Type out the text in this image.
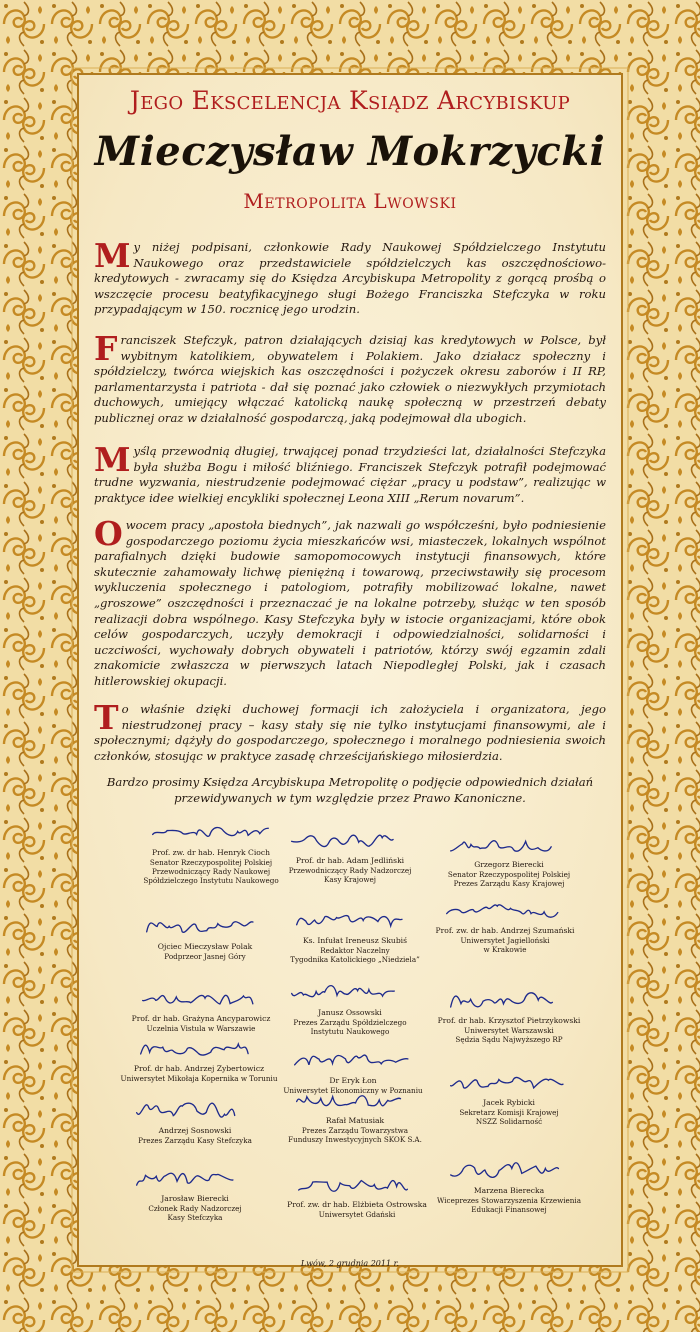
Jego Ekscelencja Ksiądz Arcybiskup
Mieczysław Mokrzycki
Metropolita Lwowski

My niżej podpisani, członkowie Rady Naukowej Spółdzielczego Instytutu Naukowego oraz przedstawiciele spółdzielczych kas oszczędnościowo-kredytowych - zwracamy się do Księdza Arcybiskupa Metropolity z gorącą prośbą o wszczęcie procesu beatyfikacyjnego sługi Bożego Franciszka Stefczyka w roku przypadającym w 150. rocznicę jego urodzin.

Franciszek Stefczyk, patron działających dzisiaj kas kredytowych w Polsce, był wybitnym katolikiem, obywatelem i Polakiem. Jako działacz społeczny i spółdzielczy, twórca wiejskich kas oszczędności i pożyczek okresu zaborów i II RP, parlamentarzysta i patriota - dał się poznać jako człowiek o niezwykłych przymiotach duchowych, umiejący włączać katolicką naukę społeczną w przestrzeń debaty publicznej oraz w działalność gospodarczą, jaką podejmował dla ubogich.

Myślą przewodnią długiej, trwającej ponad trzydzieści lat, działalności Stefczyka była służba Bogu i miłość bliźniego. Franciszek Stefczyk potrafił podejmować trudne wyzwania, niestrudzenie podejmować ciężar „pracy u podstaw”, realizując w praktyce idee wielkiej encykliki społecznej Leona XIII „Rerum novarum”.

Owocem pracy „apostoła biednych”, jak nazwali go współcześni, było podniesienie gospodarczego poziomu życia mieszkańców wsi, miasteczek, lokalnych wspólnot parafialnych dzięki budowie samopomocowych instytucji finansowych, które skutecznie zahamowały lichwę pieniężną i towarową, przeciwstawiły się procesom wykluczenia społecznego i patologiom, potrafiły mobilizować lokalne, nawet „groszowe” oszczędności i przeznaczać je na lokalne potrzeby, służąc w ten sposób realizacji dobra wspólnego. Kasy Stefczyka były w istocie organizacjami, które obok celów gospodarczych, uczyły demokracji i odpowiedzialności, solidarności i uczciwości, wychowały dobrych obywateli i patriotów, którzy swój egzamin zdali znakomicie zwłaszcza w pierwszych latach Niepodległej Polski, jak i czasach hitlerowskiej okupacji.

To właśnie dzięki duchowej formacji ich założyciela i organizatora, jego niestrudzonej pracy – kasy stały się nie tylko instytucjami finansowymi, ale i społecznymi; dążyły do gospodarczego, społecznego i moralnego podniesienia swoich członków, stosując w praktyce zasadę chrześcijańskiego miłosierdzia.

Bardzo prosimy Księdza Arcybiskupa Metropolitę o podjęcie odpowiednich działań przewidywanych w tym względzie przez Prawo Kanoniczne.

Prof. zw. dr hab. Henryk Cioch
Senator Rzeczypospolitej Polskiej
Przewodniczący Rady Naukowej
Spółdzielczego Instytutu Naukowego
Prof. dr hab. Adam Jedliński
Przewodniczący Rady Nadzorczej
Kasy Krajowej
Grzegorz Bierecki
Senator Rzeczypospolitej Polskiej
Prezes Zarządu Kasy Krajowej
Ojciec Mieczysław Polak
Podprzeor Jasnej Góry
Ks. Infułat Ireneusz Skubiś
Redaktor Naczelny
Tygodnika Katolickiego „Niedziela”
Prof. zw. dr hab. Andrzej Szumański
Uniwersytet Jagielloński
w Krakowie
Prof. dr hab. Grażyna Ancyparowicz
Uczelnia Vistula w Warszawie
Janusz Ossowski
Prezes Zarządu Spółdzielczego
Instytutu Naukowego
Prof. dr hab. Krzysztof Pietrzykowski
Uniwersytet Warszawski
Sędzia Sądu Najwyższego RP
Prof. dr hab. Andrzej Zybertowicz
Uniwersytet Mikołaja Kopernika w Toruniu	Dr Eryk Łon
Uniwersytet Ekonomiczny w Poznaniu
Jacek Rybicki
Sekretarz Komisji Krajowej
NSZZ Solidarność
Andrzej Sosnowski
Prezes Zarządu Kasy Stefczyka
Rafał Matusiak
Prezes Zarządu Towarzystwa
Funduszy Inwestycyjnych SKOK S.A.
Jarosław Bierecki
Członek Rady Nadzorczej
Kasy Stefczyka
Prof. zw. dr hab. Elżbieta Ostrowska
Uniwersytet Gdański
Marzena Bierecka
Wiceprezes Stowarzyszenia Krzewienia
Edukacji Finansowej
Lwów, 2 grudnia 2011 r.
